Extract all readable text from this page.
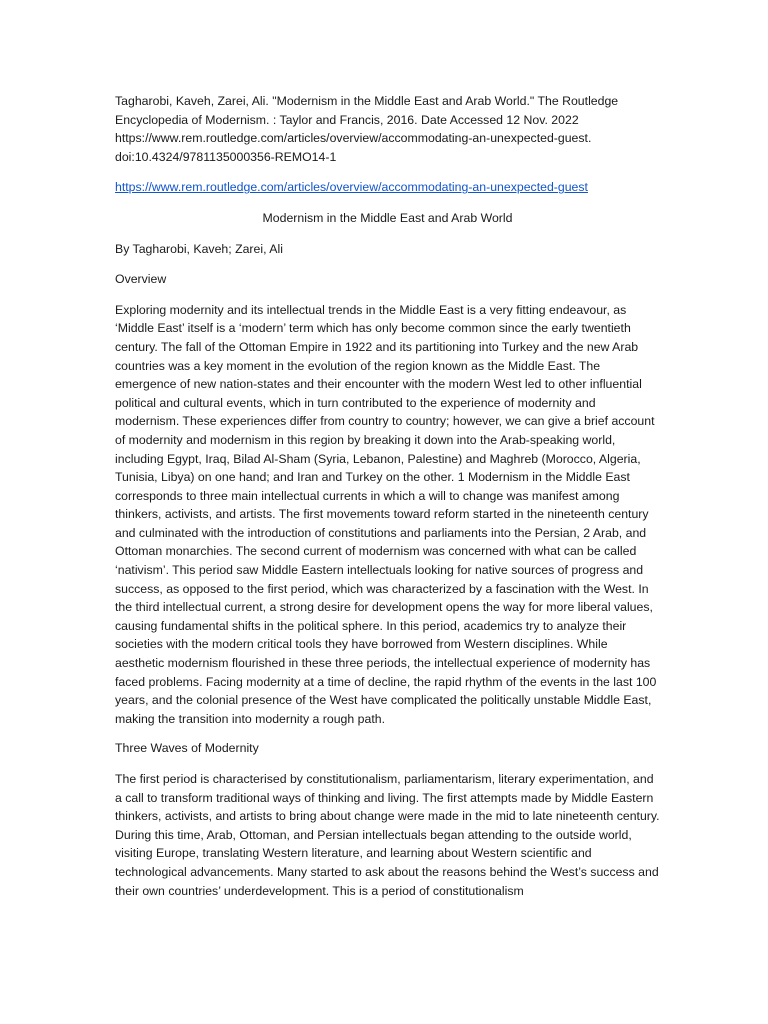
Tagharobi, Kaveh, Zarei, Ali. "Modernism in the Middle East and Arab World." The Routledge Encyclopedia of Modernism. : Taylor and Francis, 2016. Date Accessed 12 Nov. 2022 https://www.rem.routledge.com/articles/overview/accommodating-an-unexpected-guest. doi:10.4324/9781135000356-REMO14-1

https://www.rem.routledge.com/articles/overview/accommodating-an-unexpected-guest

Modernism in the Middle East and Arab World

By Tagharobi, Kaveh; Zarei, Ali

Overview

Exploring modernity and its intellectual trends in the Middle East is a very fitting endeavour, as ‘Middle East’ itself is a ‘modern’ term which has only become common since the early twentieth century. The fall of the Ottoman Empire in 1922 and its partitioning into Turkey and the new Arab countries was a key moment in the evolution of the region known as the Middle East. The emergence of new nation-states and their encounter with the modern West led to other influential political and cultural events, which in turn contributed to the experience of modernity and modernism. These experiences differ from country to country; however, we can give a brief account of modernity and modernism in this region by breaking it down into the Arab-speaking world, including Egypt, Iraq, Bilad Al-Sham (Syria, Lebanon, Palestine) and Maghreb (Morocco, Algeria, Tunisia, Libya) on one hand; and Iran and Turkey on the other. 1 Modernism in the Middle East corresponds to three main intellectual currents in which a will to change was manifest among thinkers, activists, and artists. The first movements toward reform started in the nineteenth century and culminated with the introduction of constitutions and parliaments into the Persian, 2 Arab, and Ottoman monarchies. The second current of modernism was concerned with what can be called ‘nativism’. This period saw Middle Eastern intellectuals looking for native sources of progress and success, as opposed to the first period, which was characterized by a fascination with the West. In the third intellectual current, a strong desire for development opens the way for more liberal values, causing fundamental shifts in the political sphere. In this period, academics try to analyze their societies with the modern critical tools they have borrowed from Western disciplines. While aesthetic modernism flourished in these three periods, the intellectual experience of modernity has faced problems. Facing modernity at a time of decline, the rapid rhythm of the events in the last 100 years, and the colonial presence of the West have complicated the politically unstable Middle East, making the transition into modernity a rough path.

Three Waves of Modernity

The first period is characterised by constitutionalism, parliamentarism, literary experimentation, and a call to transform traditional ways of thinking and living. The first attempts made by Middle Eastern thinkers, activists, and artists to bring about change were made in the mid to late nineteenth century. During this time, Arab, Ottoman, and Persian intellectuals began attending to the outside world, visiting Europe, translating Western literature, and learning about Western scientific and technological advancements. Many started to ask about the reasons behind the West’s success and their own countries’ underdevelopment. This is a period of constitutionalism
